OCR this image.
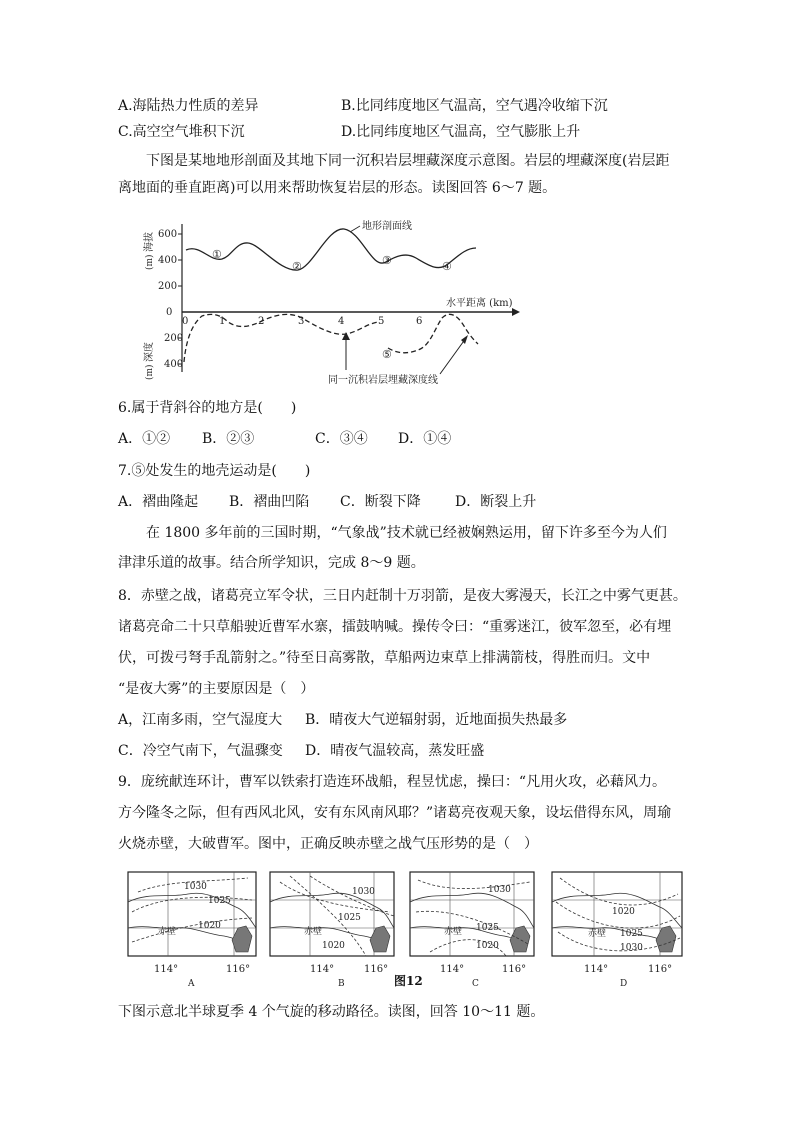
A.海陆热力性质的差异	B.比同纬度地区气温高，空气遇冷收缩下沉
C.高空空气堆积下沉	D.比同纬度地区气温高，空气膨胀上升
下图是某地地形剖面及其地下同一沉积岩层埋藏深度示意图。岩层的埋藏深度(岩层距
离地面的垂直距离)可以用来帮助恢复岩层的形态。读图回答 6～7 题。
600
400
200
0
200
400
海拔
(m)
深度
(m)
0	1	2	3	4	5	6
水平距离 (km)
地形剖面线
①
②	③	④
⑤
同一沉积岩层埋藏深度线
6.属于背斜谷的地方是(　　)
A．①② B．②③	C．③④ D．①④
7.⑤处发生的地壳运动是(　　)
A．褶曲隆起 B．褶曲凹陷 C．断裂下降 D．断裂上升
在 1800 多年前的三国时期，“气象战”技术就已经被娴熟运用，留下许多至今为人们
津津乐道的故事。结合所学知识，完成 8～9 题。
8．赤壁之战，诸葛亮立军令状，三日内赶制十万羽箭，是夜大雾漫天，长江之中雾气更甚。
诸葛亮命二十只草船驶近曹军水寨，擂鼓呐喊。操传令曰：“重雾迷江，彼军忽至，必有埋
伏，可拨弓弩手乱箭射之。”待至日高雾散，草船两边束草上排满箭枝，得胜而归。文中
“是夜大雾”的主要原因是（　）
A，江南多雨，空气湿度大 B．晴夜大气逆辐射弱，近地面损失热最多
C．冷空气南下，气温骤变 D．晴夜气温较高，蒸发旺盛
9．庞统献连环计，曹军以铁索打造连环战船，程昱忧虑，操曰：“凡用火攻，必藉风力。
方今隆冬之际，但有西风北风，安有东风南风耶？”诸葛亮夜观天象，设坛借得东风，周瑜
火烧赤壁，大破曹军。图中，正确反映赤壁之战气压形势的是（　）
1030
1025
1020
赤壁
114°	116°
A
1030
1025
1020
赤壁
114°	116°
B
1030
1025
1020
赤壁
114°	116°
C
1020
1025
1030
赤壁
114°	116°
D
图12
下图示意北半球夏季 4 个气旋的移动路径。读图，回答 10～11 题。
